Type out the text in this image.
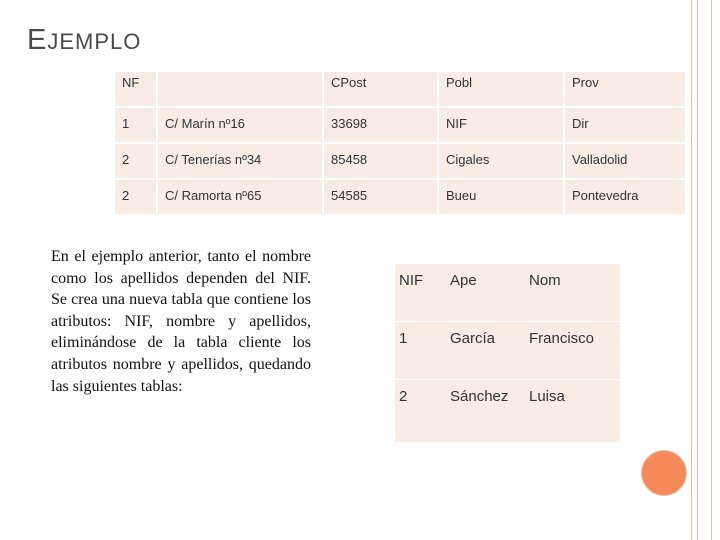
EJEMPLO
NF		CPost	Pobl	Prov

1	C/ Marín nº16	33698	NIF	Dir

2	C/ Tenerías nº34	85458	Cigales	Valladolid

2	C/ Ramorta nº65	54585	Bueu	Pontevedra
En el ejemplo anterior, tanto el nombre como los apellidos dependen del NIF. Se crea una nueva tabla que contiene los atributos: NIF, nombre y apellidos, eliminándose de la tabla cliente los atributos nombre y apellidos, quedando las siguientes tablas:
NIF	Ape	Nom
1	García	Francisco
2	Sánchez	Luisa
